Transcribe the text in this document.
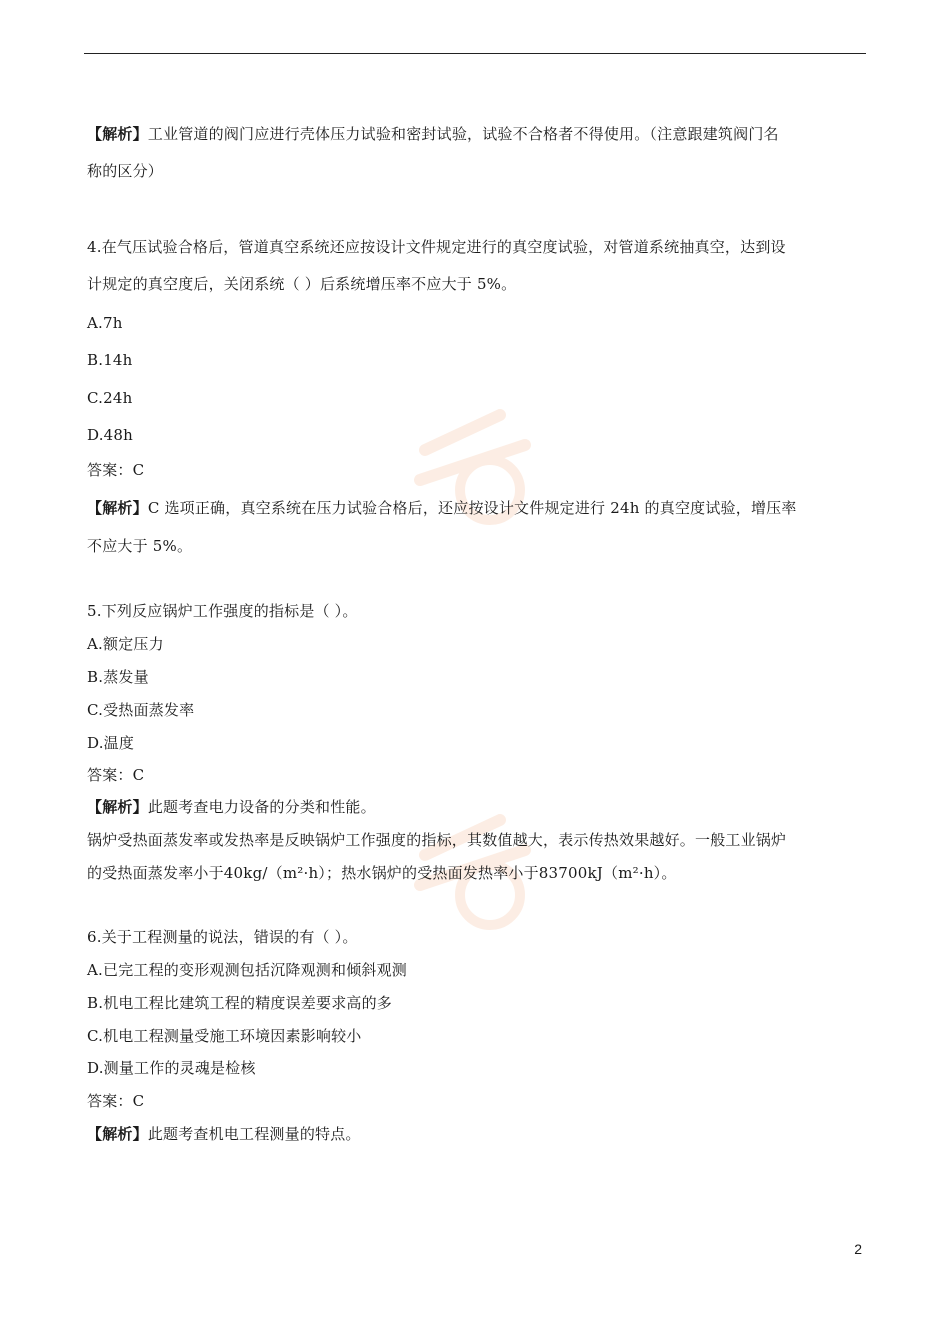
【解析】工业管道的阀门应进行壳体压力试验和密封试验，试验不合格者不得使用。（注意跟建筑阀门名
称的区分）
4.在气压试验合格后，管道真空系统还应按设计文件规定进行的真空度试验，对管道系统抽真空，达到设
计规定的真空度后，关闭系统（ ）后系统增压率不应大于 5%。
A.7h
B.14h
C.24h
D.48h
答案：C
【解析】C 选项正确，真空系统在压力试验合格后，还应按设计文件规定进行 24h 的真空度试验，增压率
不应大于 5%。
5.下列反应锅炉工作强度的指标是（ ）。
A.额定压力
B.蒸发量
C.受热面蒸发率
D.温度
答案：C
【解析】此题考查电力设备的分类和性能。
锅炉受热面蒸发率或发热率是反映锅炉工作强度的指标，其数值越大，表示传热效果越好。一般工业锅炉
的受热面蒸发率小于40kg/（m²·h）；热水锅炉的受热面发热率小于83700kJ（m²·h）。
6.关于工程测量的说法，错误的有（ ）。
A.已完工程的变形观测包括沉降观测和倾斜观测
B.机电工程比建筑工程的精度误差要求高的多
C.机电工程测量受施工环境因素影响较小
D.测量工作的灵魂是检核
答案：C
【解析】此题考查机电工程测量的特点。
2
